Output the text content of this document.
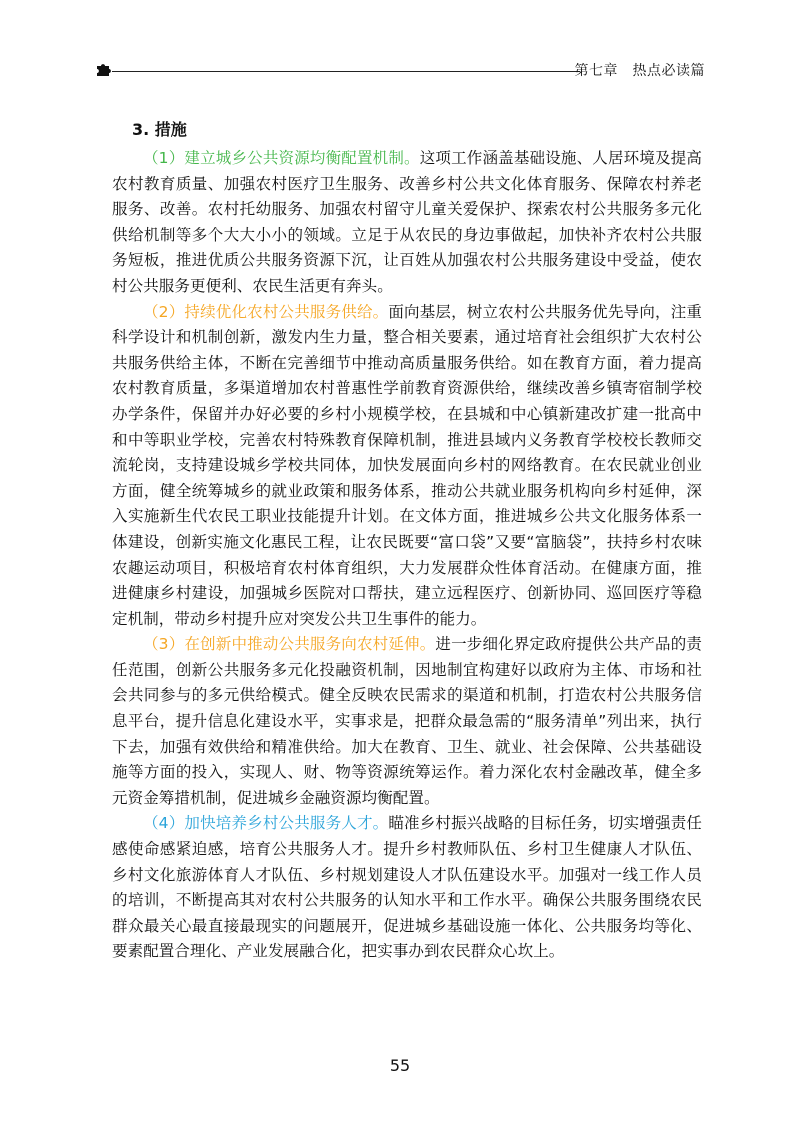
第七章　热点必读篇
3. 措施

（1）建立城乡公共资源均衡配置机制。这项工作涵盖基础设施、人居环境及提高农村教育质量、加强农村医疗卫生服务、改善乡村公共文化体育服务、保障农村养老服务、改善。农村托幼服务、加强农村留守儿童关爱保护、探索农村公共服务多元化供给机制等多个大大小小的领域。立足于从农民的身边事做起，加快补齐农村公共服务短板，推进优质公共服务资源下沉，让百姓从加强农村公共服务建设中受益，使农村公共服务更便利、农民生活更有奔头。

（2）持续优化农村公共服务供给。面向基层，树立农村公共服务优先导向，注重科学设计和机制创新，激发内生力量，整合相关要素，通过培育社会组织扩大农村公共服务供给主体，不断在完善细节中推动高质量服务供给。如在教育方面，着力提高农村教育质量，多渠道增加农村普惠性学前教育资源供给，继续改善乡镇寄宿制学校办学条件，保留并办好必要的乡村小规模学校，在县城和中心镇新建改扩建一批高中和中等职业学校，完善农村特殊教育保障机制，推进县域内义务教育学校校长教师交流轮岗，支持建设城乡学校共同体，加快发展面向乡村的网络教育。在农民就业创业方面，健全统筹城乡的就业政策和服务体系，推动公共就业服务机构向乡村延伸，深入实施新生代农民工职业技能提升计划。在文体方面，推进城乡公共文化服务体系一体建设，创新实施文化惠民工程，让农民既要“富口袋”又要“富脑袋”，扶持乡村农味农趣运动项目，积极培育农村体育组织，大力发展群众性体育活动。在健康方面，推进健康乡村建设，加强城乡医院对口帮扶，建立远程医疗、创新协同、巡回医疗等稳定机制，带动乡村提升应对突发公共卫生事件的能力。

（3）在创新中推动公共服务向农村延伸。进一步细化界定政府提供公共产品的责任范围，创新公共服务多元化投融资机制，因地制宜构建好以政府为主体、市场和社会共同参与的多元供给模式。健全反映农民需求的渠道和机制，打造农村公共服务信息平台，提升信息化建设水平，实事求是，把群众最急需的“服务清单”列出来，执行下去，加强有效供给和精准供给。加大在教育、卫生、就业、社会保障、公共基础设施等方面的投入，实现人、财、物等资源统筹运作。着力深化农村金融改革，健全多元资金筹措机制，促进城乡金融资源均衡配置。

（4）加快培养乡村公共服务人才。瞄准乡村振兴战略的目标任务，切实增强责任感使命感紧迫感，培育公共服务人才。提升乡村教师队伍、乡村卫生健康人才队伍、乡村文化旅游体育人才队伍、乡村规划建设人才队伍建设水平。加强对一线工作人员的培训，不断提高其对农村公共服务的认知水平和工作水平。确保公共服务围绕农民群众最关心最直接最现实的问题展开，促进城乡基础设施一体化、公共服务均等化、要素配置合理化、产业发展融合化，把实事办到农民群众心坎上。

55
